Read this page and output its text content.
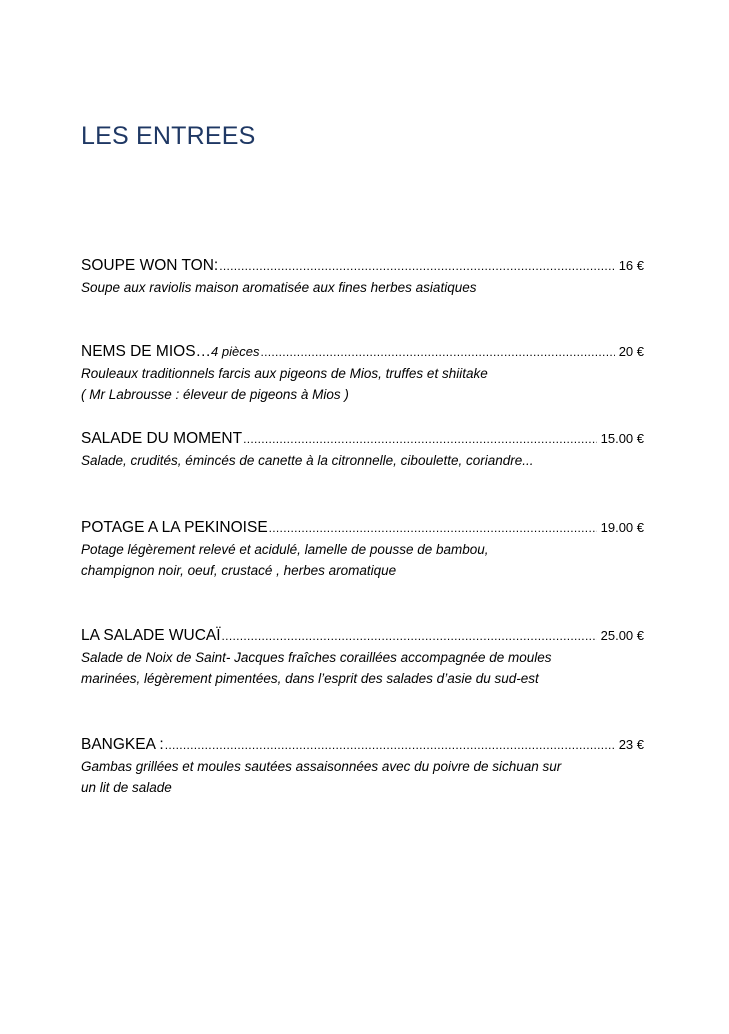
LES ENTREES
SOUPE WON TON: .....	16 €
Soupe aux raviolis maison aromatisée aux fines herbes asiatiques
NEMS DE MIOS… 4 pièces .....	20 €
Rouleaux traditionnels farcis aux pigeons de Mios, truffes et shiitake
( Mr Labrousse : éleveur de pigeons à Mios )
SALADE DU MOMENT .....	15.00 €
Salade, crudités, émincés de canette à la citronnelle, ciboulette, coriandre...
POTAGE A LA PEKINOISE .....	19.00 €
Potage légèrement relevé et acidulé, lamelle de pousse de bambou,
champignon noir, oeuf, crustacé , herbes aromatique
LA SALADE WUCAÏ .....	25.00 €
Salade de Noix de Saint- Jacques fraîches coraillées accompagnée de moules
marinées, légèrement pimentées, dans l’esprit des salades d’asie du sud-est
BANGKEA : .....	23 €
Gambas grillées et moules sautées assaisonnées avec du poivre de sichuan sur
un lit de salade
